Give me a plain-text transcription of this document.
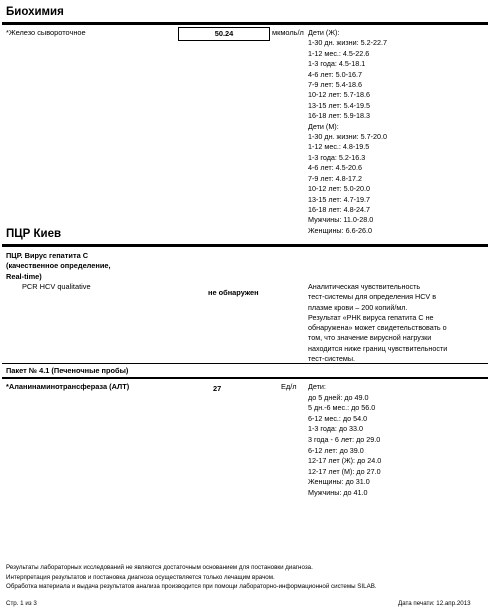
Биохимия
*Железо сывороточное	50.24	мкмоль/л Дети (Ж):
1-30 дн. жизни: 5.2-22.7
1-12 мес.: 4.5-22.6
1-3 года: 4.5-18.1
4-6 лет: 5.0-16.7
7-9 лет: 5.4-18.6
10-12 лет: 5.7-18.6
13-15 лет: 5.4-19.5
16-18 лет: 5.9-18.3
Дети (М):
1-30 дн. жизни: 5.7-20.0
1-12 мес.: 4.8-19.5
1-3 года: 5.2-16.3
4-6 лет: 4.5-20.6
7-9 лет: 4.8-17.2
10-12 лет: 5.0-20.0
13-15 лет: 4.7-19.7
16-18 лет: 4.8-24.7
Мужчины: 11.0-28.0
Женщины: 6.6-26.0
ПЦР Киев
ПЦР. Вирус гепатита С
(качественное определение,
Real-time)
PCR HCV qualitative
не обнаружен
Аналитическая чувствительность
тест-системы для определения HCV в
плазме крови – 200 копий/мл.
Результат «РНК вируса гепатита С не
обнаружена» может свидетельствовать о
том, что значение вирусной нагрузки
находится ниже границ чувствительности
тест-системы.
Пакет № 4.1 (Печеночные пробы)
*Аланинаминотрансфераза (АЛТ)	27	Ед/л Дети:
до 5 дней: до 49.0
5 дн.-6 мес.: до 56.0
6-12 мес.: до 54.0
1-3 года: до 33.0
3 года - 6 лет: до 29.0
6-12 лет: до 39.0
12-17 лет (Ж): до 24.0
12-17 лет (М): до 27.0
Женщины: до 31.0
Мужчины: до 41.0
Результаты лабораторных исследований не являются достаточным основанием для постановки диагноза.
Интерпретация результатов и постановка диагноза осуществляется только лечащим врачом.
Обработка материала и выдача результатов анализа производится при помощи лабораторно-информационной системы SILAB.
Стр. 1 из 3	Дата печати: 12.апр.2013
